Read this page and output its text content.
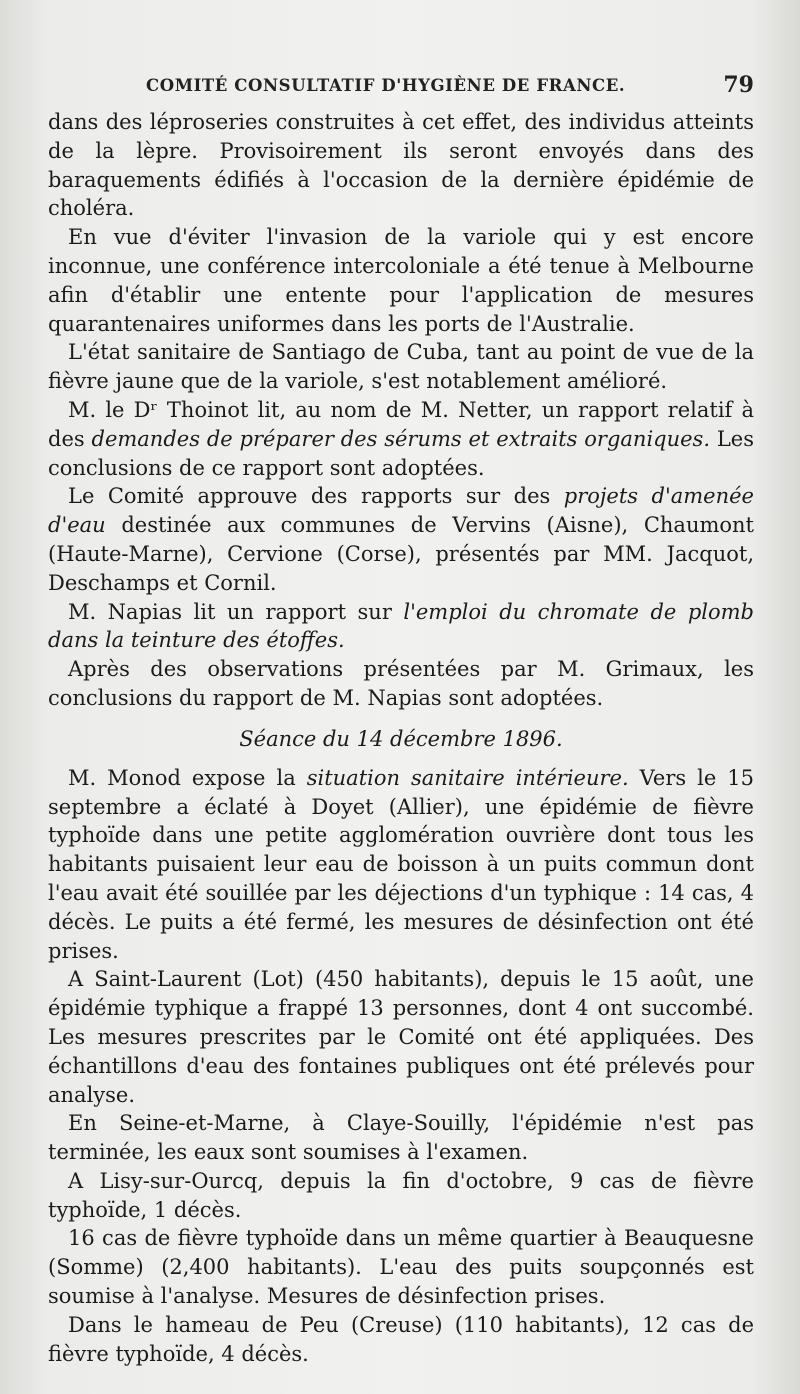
COMITÉ CONSULTATIF D'HYGIÈNE DE FRANCE.	79

dans des léproseries construites à cet effet, des individus atteints de la lèpre. Provisoirement ils seront envoyés dans des baraquements édifiés à l'occasion de la dernière épidémie de choléra.

En vue d'éviter l'invasion de la variole qui y est encore inconnue, une conférence intercoloniale a été tenue à Melbourne afin d'établir une entente pour l'application de mesures quarantenaires uniformes dans les ports de l'Australie.

L'état sanitaire de Santiago de Cuba, tant au point de vue de la fièvre jaune que de la variole, s'est notablement amélioré.

M. le Dʳ Thoinot lit, au nom de M. Netter, un rapport relatif à des demandes de préparer des sérums et extraits organiques. Les conclusions de ce rapport sont adoptées.

Le Comité approuve des rapports sur des projets d'amenée d'eau destinée aux communes de Vervins (Aisne), Chaumont (Haute-Marne), Cervione (Corse), présentés par MM. Jacquot, Deschamps et Cornil.

M. Napias lit un rapport sur l'emploi du chromate de plomb dans la teinture des étoffes.

Après des observations présentées par M. Grimaux, les conclusions du rapport de M. Napias sont adoptées.

Séance du 14 décembre 1896.

M. Monod expose la situation sanitaire intérieure. Vers le 15 septembre a éclaté à Doyet (Allier), une épidémie de fièvre typhoïde dans une petite agglomération ouvrière dont tous les habitants puisaient leur eau de boisson à un puits commun dont l'eau avait été souillée par les déjections d'un typhique : 14 cas, 4 décès. Le puits a été fermé, les mesures de désinfection ont été prises.

A Saint-Laurent (Lot) (450 habitants), depuis le 15 août, une épidémie typhique a frappé 13 personnes, dont 4 ont succombé. Les mesures prescrites par le Comité ont été appliquées. Des échantillons d'eau des fontaines publiques ont été prélevés pour analyse.

En Seine-et-Marne, à Claye-Souilly, l'épidémie n'est pas terminée, les eaux sont soumises à l'examen.

A Lisy-sur-Ourcq, depuis la fin d'octobre, 9 cas de fièvre typhoïde, 1 décès.

16 cas de fièvre typhoïde dans un même quartier à Beauquesne (Somme) (2,400 habitants). L'eau des puits soupçonnés est soumise à l'analyse. Mesures de désinfection prises.

Dans le hameau de Peu (Creuse) (110 habitants), 12 cas de fièvre typhoïde, 4 décès.
